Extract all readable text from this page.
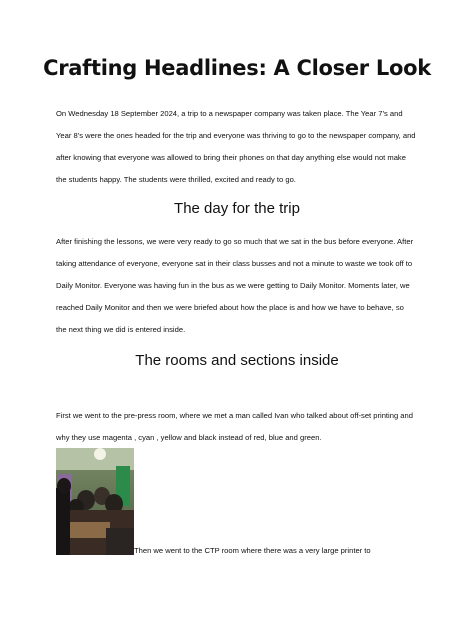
Crafting Headlines: A Closer Look

On Wednesday 18 September 2024, a trip to a newspaper company was taken place. The Year 7’s and Year 8’s were the ones headed for the trip and everyone was thriving to go to the newspaper company, and after knowing that everyone was allowed to bring their phones on that day anything else would not make the students happy. The students were thrilled, excited and ready to go.

The day for the trip

After finishing the lessons, we were very ready to go so much that we sat in the bus before everyone. After taking attendance of everyone, everyone sat in their class busses and not a minute to waste we took off to Daily Monitor. Everyone was having fun in the bus as we were getting to Daily Monitor. Moments later, we reached Daily Monitor and then we were briefed about how the place is and how we have to behave, so the next thing we did is entered inside.

The rooms and sections inside

First we went to the pre-press room, where we met a man called Ivan who talked about off-set printing and why they use magenta , cyan , yellow and black instead of red, blue and green.

Then we went to the CTP room where there was a very large printer to
